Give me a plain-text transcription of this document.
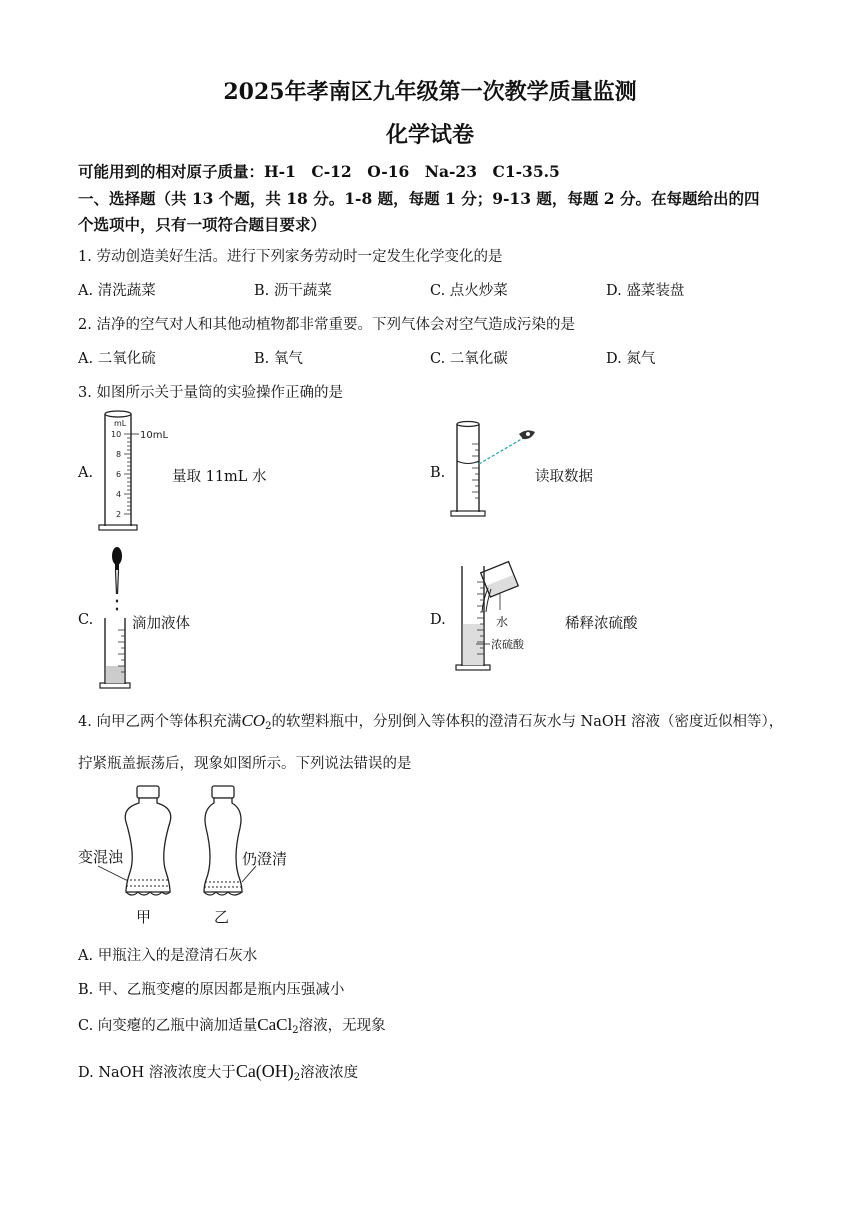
2025年孝南区九年级第一次教学质量监测
化学试卷
可能用到的相对原子质量：H-1　C-12　O-16　Na-23　C1-35.5
一、选择题（共 13 个题，共 18 分。1-8 题，每题 1 分；9-13 题，每题 2 分。在每题给出的四
个选项中，只有一项符合题目要求）
1. 劳动创造美好生活。进行下列家务劳动时一定发生化学变化的是
A. 清洗蔬菜	B. 沥干蔬菜	C. 点火炒菜	D. 盛菜装盘
2. 洁净的空气对人和其他动植物都非常重要。下列气体会对空气造成污染的是
A. 二氧化硫	B. 氧气	C. 二氧化碳	D. 氮气
3. 如图所示关于量筒的实验操作正确的是
A.
mL
10
8
6
4
2
10mL
量取 11mL 水	B.	读取数据
C.	滴加液体	D.	水
浓硫酸
稀释浓硫酸
4. 向甲乙两个等体积充满$CO_2$的软塑料瓶中，分别倒入等体积的澄清石灰水与 NaOH 溶液（密度近似相等），
拧紧瓶盖振荡后，现象如图所示。下列说法错误的是
变混浊
甲
仍澄清
乙
A. 甲瓶注入的是澄清石灰水
B. 甲、乙瓶变瘪的原因都是瓶内压强减小
C. 向变瘪的乙瓶中滴加适量CaCl$_2$溶液，无现象
D. NaOH 溶液浓度大于$Ca(OH)_2$溶液浓度
